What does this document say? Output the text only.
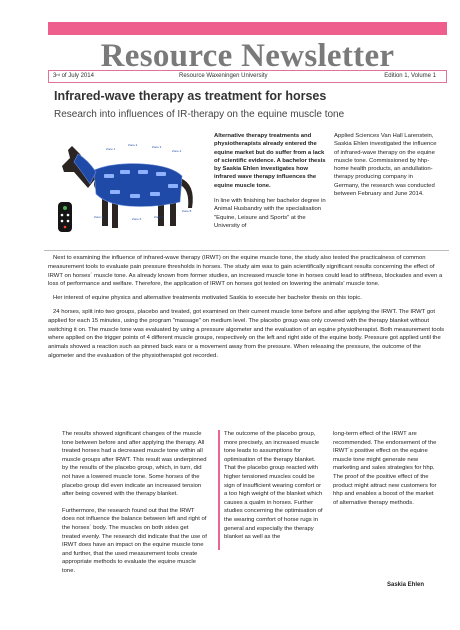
Resource Newsletter
3rd of July 2014	Resource Waxeningen University	Edition 1, Volume 1
Infrared-wave therapy as treatment for horses
Research into influences of IR-therapy on the equine muscle tone
Zone 1
Zone 2	Zone 3
Zone 4
Zone 5	Zone 6	Zone 7
Zone 8

Alternative therapy treatments and physiotherapists already entered the equine market but do suffer from a lack of scientific evidence. A bachelor thesis by Saskia Ehlen investigates how infrared wave therapy influences the equine muscle tone.

In line with finishing her bachelor degree in Animal Husbandry with the specialisation "Equine, Leisure and Sports" at the University of

Applied Sciences Van Hall Larenstein, Saskia Ehlen investigated the influence of infrared-wave therapy on the equine muscle tone. Commissioned by hhp-home health products, an andullation-therapy producing company in Germany, the research was conducted between February and June 2014.

Next to examining the influence of infrared-wave therapy (IRWT) on the equine muscle tone, the study also tested the practicalness of common measurement tools to evaluate pain pressure thresholds in horses. The study aim was to gain scientifically significant results concerning the effect of IRWT on horses´ muscle tone. As already known from former studies, an increased muscle tone in horses could lead to stiffness, blockades and even a loss of performance and welfare. Therefore, the application of IRWT on horses got tested on lowering the animals' muscle tone.

Her interest of equine physics and alternative treatments motivated Saskia to execute her bachelor thesis on this topic.

24 horses, split into two groups, placebo and treated, got examined on their current muscle tone before and after applying the IRWT. The IRWT got applied for each 15 minutes, using the program "massage" on medium level. The placebo group was only covered with the therapy blanket without switching it on. The muscle tone was evaluated by using a pressure algometer and the evaluation of an equine physiotherapist. Both measurement tools where applied on the trigger points of 4 different muscle groups, respectively on the left and right side of the equine body. Pressure got applied until the animals showed a reaction such as pinned back ears or a movement away from the pressure. When releasing the pressure, the outcome of the algometer and the evaluation of the physiotherapist got recorded.

The results showed significant changes of the muscle tone between before and after applying the therapy. All treated horses had a decreased muscle tone within all muscle groups after IRWT. This result was underpinned by the results of the placebo group, which, in turn, did not have a lowered muscle tone. Some horses of the placebo group did even indicate an increased tension after being covered with the therapy blanket.

Furthermore, the research found out that the IRWT does not influence the balance between left and right of the horses´ body. The muscles on both sides get treated evenly. The research did indicate that the use of IRWT does have an impact on the equine muscle tone and further, that the used measurement tools create appropriate methods to evaluate the equine muscle tone.

The outcome of the placebo group, more precisely, an increased muscle tone leads to assumptions for optimisation of the therapy blanket. That the placebo group reacted with higher tensioned muscles could be sign of insufficient wearing comfort or a too high weight of the blanket which causes a qualm in horses. Further studies concerning the optimisation of the wearing comfort of horse rugs in general and especially the therapy blanket as well as the

long-term effect of the IRWT are recommended. The endorsement of the IRWT´s positive effect on the equine muscle tone might generate new marketing and sales strategies for hhp. The proof of the positive effect of the product might attract new customers for hhp and enables a boost of the market of alternative therapy methods.

Saskia Ehlen
